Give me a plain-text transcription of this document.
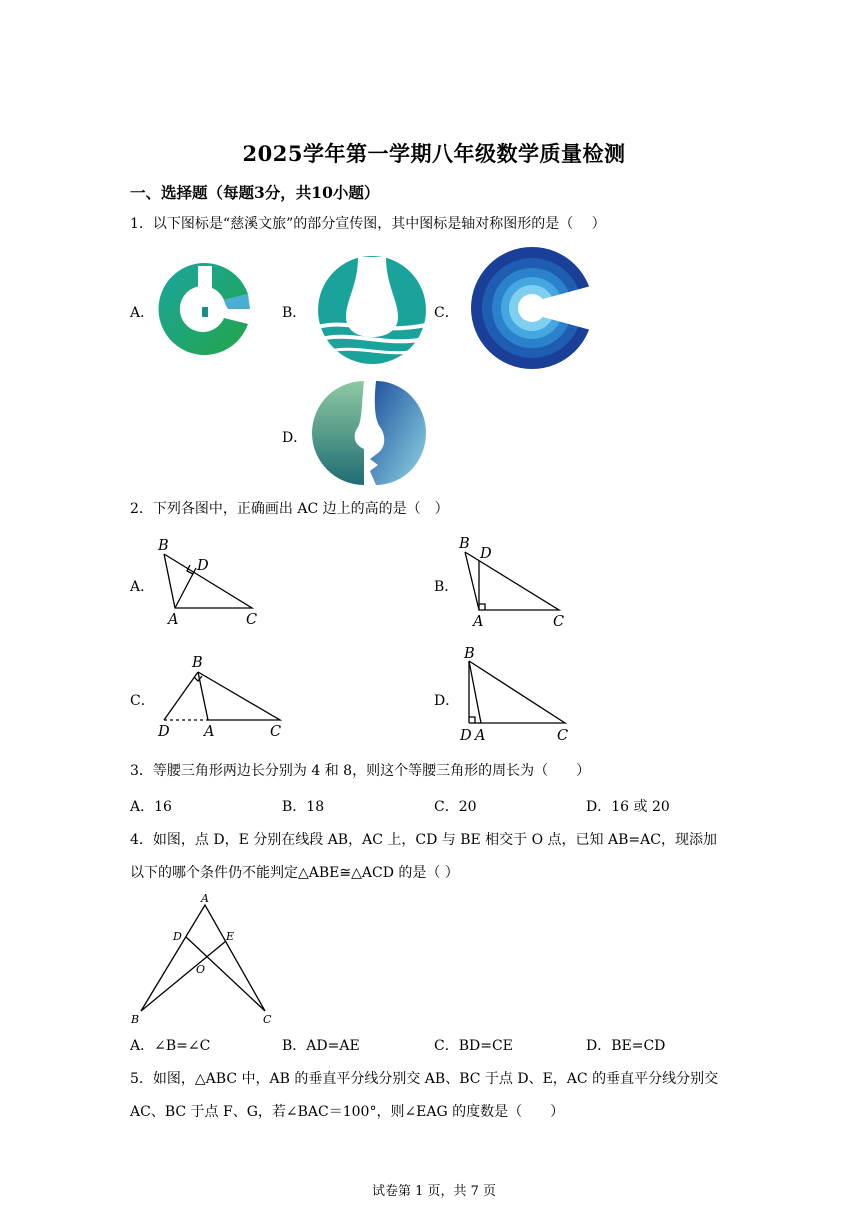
2025学年第一学期八年级数学质量检测
一、选择题（每题3分，共10小题）
1．以下图标是“慈溪文旅”的部分宣传图，其中图标是轴对称图形的是（　 ）
A．	B．	C．
D．
2．下列各图中，正确画出 AC 边上的高的是（　）
A．	B．
C．	D．
B
D
A	C
B
D
A	C
B
D A	C
B
D A	C
3．等腰三角形两边长分别为 4 和 8，则这个等腰三角形的周长为（　　）
A．16	B．18	C．20	D．16 或 20
4．如图，点 D，E 分别在线段 AB，AC 上，CD 与 BE 相交于 O 点，已知 AB=AC，现添加
以下的哪个条件仍不能判定△ABE≅△ACD 的是（ ）
A
D	E
O
B	C
A．∠B=∠C	B．AD=AE	C．BD=CE	D．BE=CD
5．如图，△ABC 中，AB 的垂直平分线分别交 AB、BC 于点 D、E，AC 的垂直平分线分别交
AC、BC 于点 F、G，若∠BAC＝100°，则∠EAG 的度数是（　　）
试卷第 1 页，共 7 页
